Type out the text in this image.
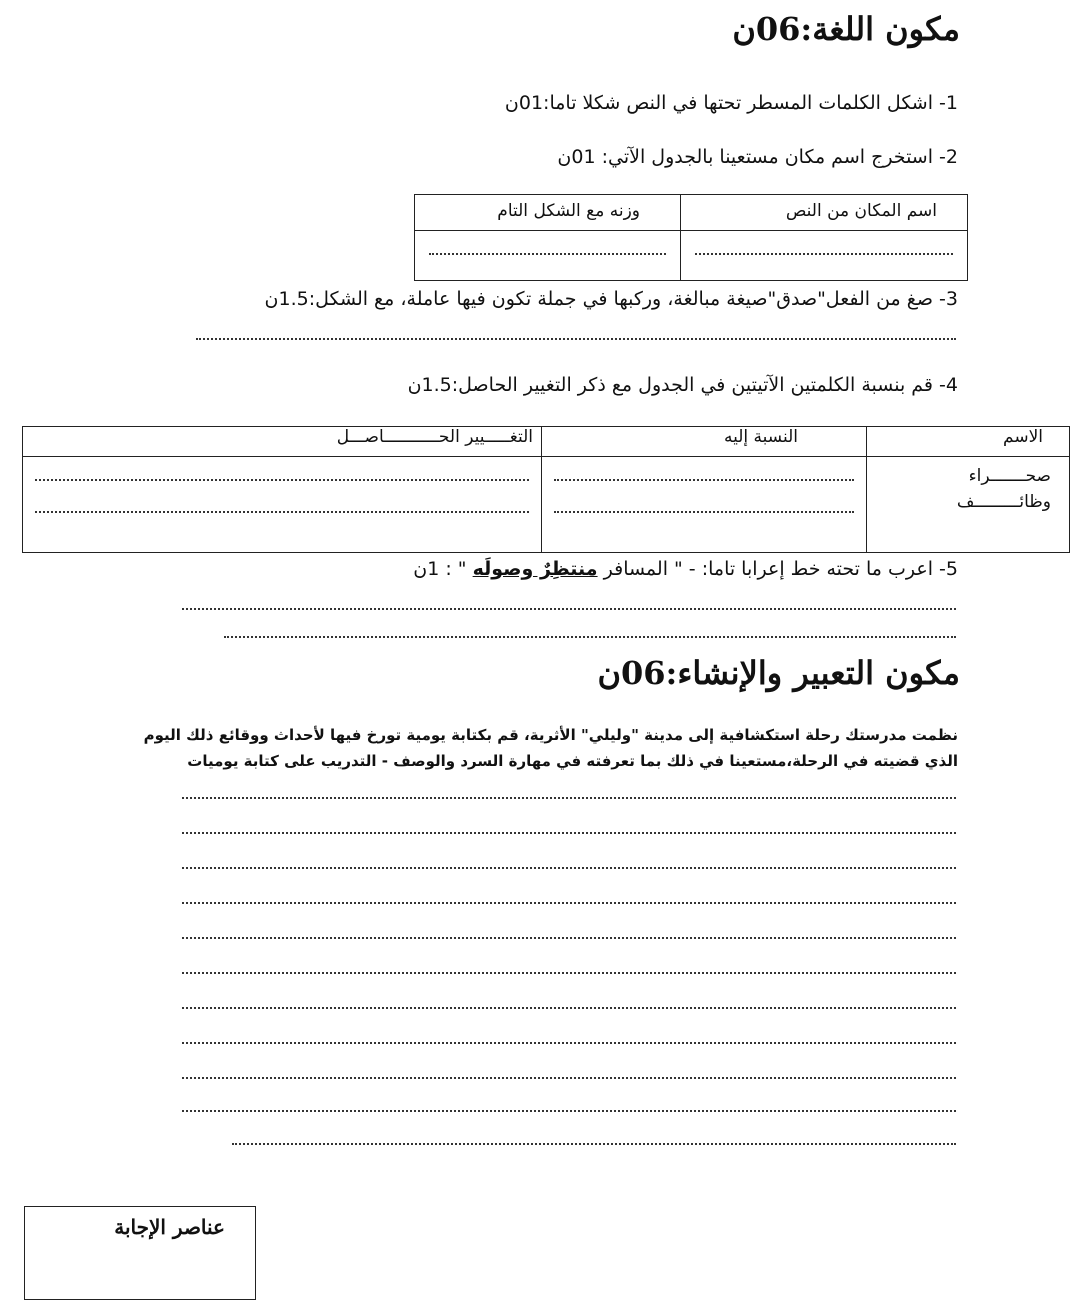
مكون اللغة:06ن
1- اشكل الكلمات المسطر تحتها في النص شكلا تاما:01ن
2- استخرج اسم مكان مستعينا بالجدول الآتي: 01ن
اسم المكان من النص	وزنه مع الشكل التام

3- صغ من الفعل"صدق"صيغة مبالغة، وركبها في جملة تكون فيها عاملة، مع الشكل:1.5ن
4- قم بنسبة الكلمتين الآتيتين في الجدول مع ذكر التغيير الحاصل:1.5ن
الاسم	النسبة إليه	التغـــــيير الحـــــــــــاصـــل

صحـــــــراء
وظائـــــــــف		

5- اعرب ما تحته خط إعرابا تاما: - " المسافر منتظِرٌ وصولَه " : 1ن
مكون التعبير والإنشاء:06ن
نظمت مدرستك رحلة استكشافية إلى مدينة "وليلي" الأثرية، قم بكتابة يومية تورخ فيها لأحداث ووقائع ذلك اليوم
الذي قضيته في الرحلة،مستعينا في ذلك بما تعرفته في مهارة السرد والوصف - التدريب على كتابة يوميات
عناصر الإجابة
